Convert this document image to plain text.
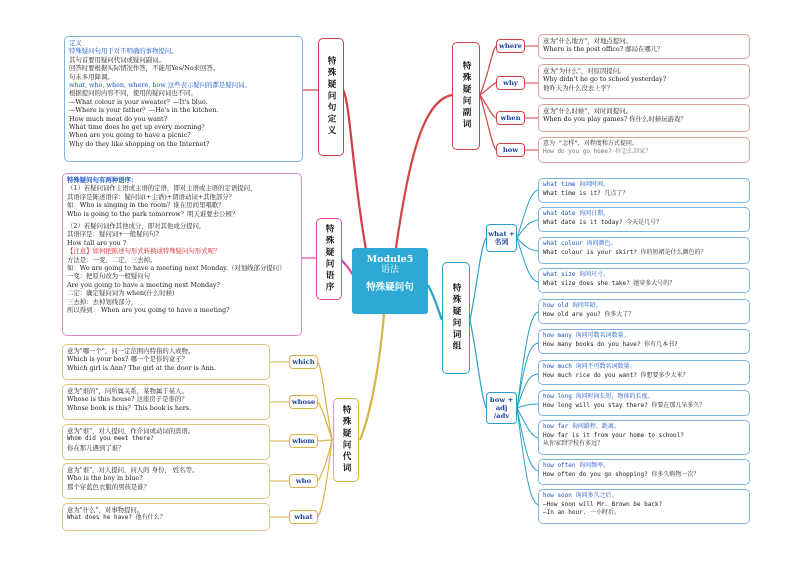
Module5
语法
特殊疑问句
特殊疑问句定义
特殊疑问语序
特殊疑问代词
特殊疑问副词
特殊疑问词组
定义
特殊疑问句用于对不明确的事物提问。
其句首要用疑问代词或疑问副词。
回答时要根据实际情况作答，不能用Yes/No来回答。
句末多用降调。
what, who, when, where, how 这些表示疑问的都是疑问词。
根据提问的内容不同，使用的疑问词也不同。
—What colour is your sweater？—It's blue.
—Where is your father？—He's in the kitchen.
How much meat do you want?
What time does he get up every morning？
When are you going to have a picnic?
Why do they like shopping on the Internet?
特殊疑问句有两种语序：
（1）若疑问词作主语或主语的定语，即对主语或主语的定语提问，
其语序是陈述语序：疑问词(+主语)+谓语动词+其他部分？
如：Who is singing in the room？谁在房间里唱歌？
Who is going to the park tomorrow？明天谁要去公园？
（2）若疑问词作其他成分，即对其他成分提问，
其语序是：疑问词+一般疑问句?
How tall are you ?
【注意】如何把陈述句形式转换成特殊疑问句形式呢？
方法是：一变、二定、三去掉。
如：We are going to have a meeting next Monday.（对划线部分提问）
一变：把原句改为一般疑问句
Are you going to have a meeting next Monday?
二定：确定疑问词为 when(什么时候)
三去掉：去掉划线部分，
所以得到： When are you going to have a meeting?
意为"哪一个"，问一定范围内特指的人或物。
Which is your box? 哪一个是你的盒子？
Which girl is Ann? The girl at the door is Ann.
which
意为"谁的"，问所属关系，某物属于某人。
Whose is this house? 这座房子是谁的？
Whose book is this？This book is hers.
whose
意为"谁"，对人提问，作介词或动词的宾语。
Whom did you meet there?
你在那儿遇到了谁？
whom
意为"谁"，对人提问，问人的 身份， 姓名等。
Who is the boy in blue?
那个穿蓝色衣服的男孩是谁？
who
意为"什么"，对事物提问。
What does he have? 他有什么？	what
where
意为"什么地方"，对地点提问。
Where is the post office? 邮局在哪儿？
why
意为"为什么"，对原因提问。
Why didn't he go to school yesterday?
他昨天为什么没去上学？
when
意为"什么时候"，对时间提问。
When do you play games? 你什么时候玩游戏？
how
意为 "怎样"，对程度和方式提问。
How do you go home? 你怎么回家？
what + 名词
how + adj /adv
what time 询问时间。
What time is it? 几点了？
what date 询问日期。
What date is it today? 今天是几号？
what colour 询问颜色。
What colour is your skirt? 你的短裙是什么颜色的？
what size 询问尺寸。
What size does she take? 她穿多大号的？
how old 询问年龄。
How old are you? 你多大了？
how many 询问可数名词数量。
How many books do you have? 你有几本书?
how much 询问不可数名词数量。
How much rice do you want? 你想要多少大米？
how long 询问时间长短，物体的长度。
How long will you stay there? 你要在那儿呆多久？
how far 询问路程、距离。
How far is it from your home to school?
从你家到学校有多远？
how often 询问频率。
How often do you go shopping? 你多久购物一次？
how soon 询问多久之后。
—How soon will Mr. Brown be back?
—In an hour. 一小时后。
